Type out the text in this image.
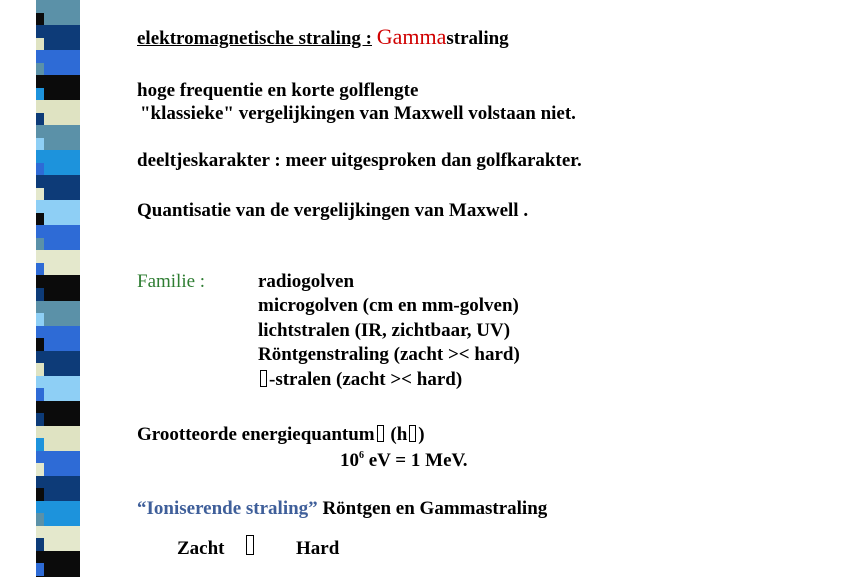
elektromagnetische straling : Gammastraling
hoge frequentie en korte golflengte
"klassieke" vergelijkingen van Maxwell volstaan niet.
deeltjeskarakter : meer uitgesproken dan golfkarakter.
Quantisatie van de vergelijkingen van Maxwell .
Familie :	radiogolven
microgolven (cm en mm-golven)
lichtstralen (IR, zichtbaar, UV)
Röntgenstraling (zacht >< hard)
-stralen (zacht >< hard)
Grootteorde energiequantum (h )
$10^6$ eV = 1 MeV.
“Ioniserende straling” Röntgen en Gammastraling
Zacht	Hard
